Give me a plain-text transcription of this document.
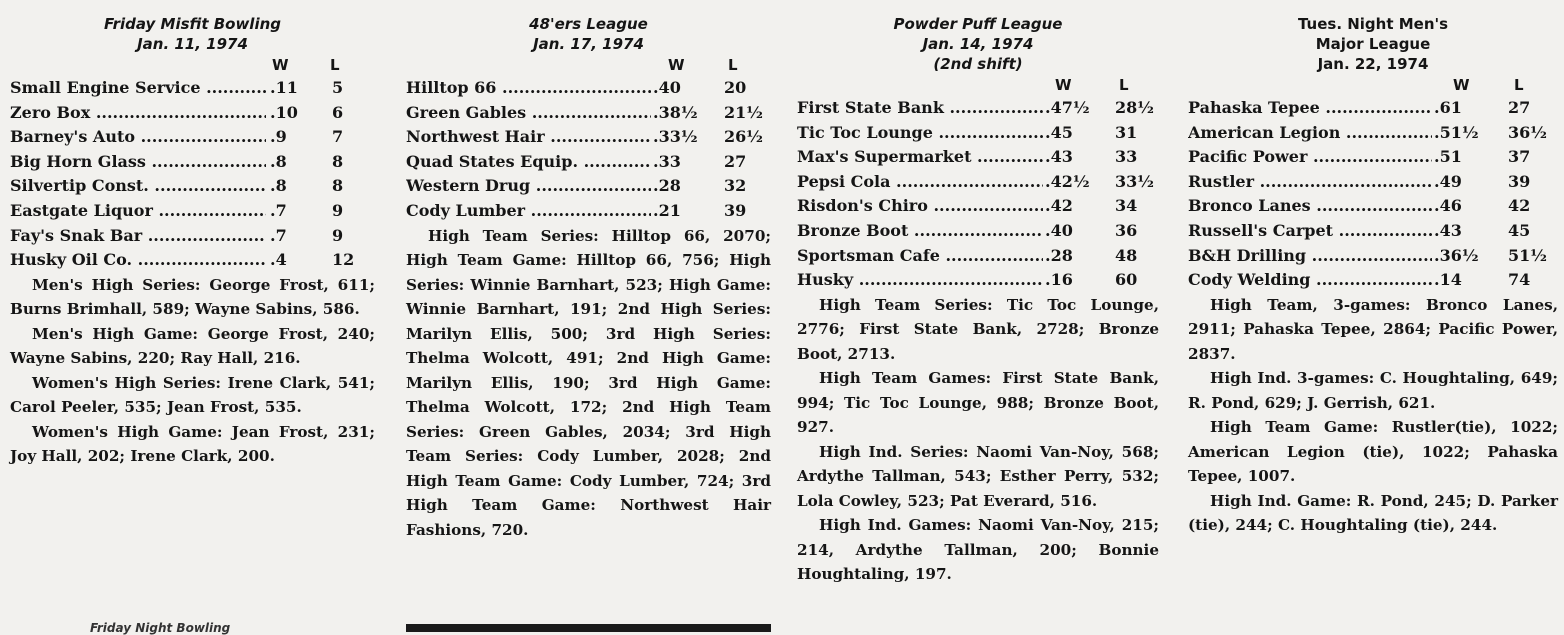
Friday Misfit Bowling
Jan. 11, 1974
W	L
Small Engine Service .....	.11 5
Zero Box .....	.10 6
Barney's Auto .....	.9	7
Big Horn Glass .....	.8	8
Silvertip Const. .....	.8	8
Eastgate Liquor .....	.7	9
Fay's Snak Bar .....	.7	9
Husky Oil Co. .....	.4	12

Men's High Series: George Frost, 611; Burns Brimhall, 589; Wayne Sabins, 586.

Men's High Game: George Frost, 240; Wayne Sabins, 220; Ray Hall, 216.

Women's High Series: Irene Clark, 541; Carol Peeler, 535; Jean Frost, 535.

Women's High Game: Jean Frost, 231; Joy Hall, 202; Irene Clark, 200.

48'ers League
Jan. 17, 1974
W	L
Hilltop 66 .....	.40	20
Green Gables .....	.38½ 21½
Northwest Hair .....	.33½ 26½
Quad States Equip. .....	.33	27
Western Drug .....	.28	32
Cody Lumber .....	.21	39

High Team Series: Hilltop 66, 2070; High Team Game: Hilltop 66, 756; High Series: Winnie Barnhart, 523; High Game: Winnie Barnhart, 191; 2nd High Series: Marilyn Ellis, 500; 3rd High Series: Thelma Wolcott, 491; 2nd High Game: Marilyn Ellis, 190; 3rd High Game: Thelma Wolcott, 172; 2nd High Team Series: Green Gables, 2034; 3rd High Team Series: Cody Lumber, 2028; 2nd High Team Game: Cody Lumber, 724; 3rd High Team Game: Northwest Hair Fashions, 720.

Powder Puff League
Jan. 14, 1974
(2nd shift)
W	L
First State Bank .....	.47½ 28½
Tic Toc Lounge .....	.45	31
Max's Supermarket .....	.43	33
Pepsi Cola .....	.42½ 33½
Risdon's Chiro .....	.42	34
Bronze Boot .....	.40	36
Sportsman Cafe .....	.28	48
Husky .....	.16	60

High Team Series: Tic Toc Lounge, 2776; First State Bank, 2728; Bronze Boot, 2713.

High Team Games: First State Bank, 994; Tic Toc Lounge, 988; Bronze Boot, 927.

High Ind. Series: Naomi Van-Noy, 568; Ardythe Tallman, 543; Esther Perry, 532; Lola Cowley, 523; Pat Everard, 516.

High Ind. Games: Naomi Van-Noy, 215; 214, Ardythe Tallman, 200; Bonnie Houghtaling, 197.

Tues. Night Men's
Major League
Jan. 22, 1974
W	L
Pahaska Tepee .....	.61	27
American Legion .....	.51½ 36½
Pacific Power .....	.51	37
Rustler .....	.49	39
Bronco Lanes .....	.46	42
Russell's Carpet .....	.43	45
B&H Drilling .....	.36½ 51½
Cody Welding .....	.14	74

High Team, 3-games: Bronco Lanes, 2911; Pahaska Tepee, 2864; Pacific Power, 2837.

High Ind. 3-games: C. Houghtaling, 649; R. Pond, 629; J. Gerrish, 621.

High Team Game: Rustler(tie), 1022; American Legion (tie), 1022; Pahaska Tepee, 1007.

High Ind. Game: R. Pond, 245; D. Parker (tie), 244; C. Houghtaling (tie), 244.

Friday Night Bowling
